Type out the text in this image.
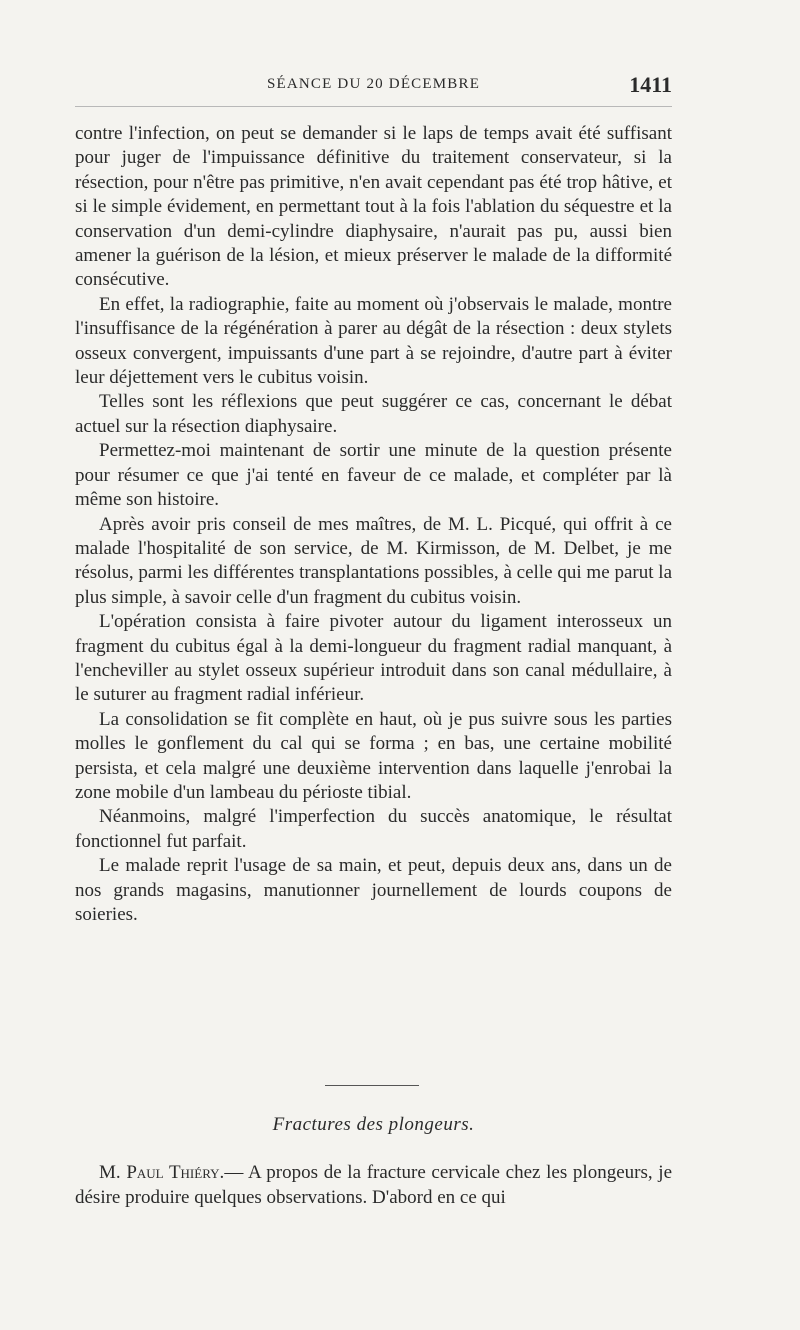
SÉANCE DU 20 DÉCEMBRE	1411

contre l'infection, on peut se demander si le laps de temps avait été suffisant pour juger de l'impuissance définitive du traitement conservateur, si la résection, pour n'être pas primitive, n'en avait cependant pas été trop hâtive, et si le simple évidement, en permettant tout à la fois l'ablation du séquestre et la conservation d'un demi-cylindre diaphysaire, n'aurait pas pu, aussi bien amener la guérison de la lésion, et mieux préserver le malade de la difformité consécutive.

En effet, la radiographie, faite au moment où j'observais le malade, montre l'insuffisance de la régénération à parer au dégât de la résection : deux stylets osseux convergent, impuissants d'une part à se rejoindre, d'autre part à éviter leur déjettement vers le cubitus voisin.

Telles sont les réflexions que peut suggérer ce cas, concernant le débat actuel sur la résection diaphysaire.

Permettez-moi maintenant de sortir une minute de la question présente pour résumer ce que j'ai tenté en faveur de ce malade, et compléter par là même son histoire.

Après avoir pris conseil de mes maîtres, de M. L. Picqué, qui offrit à ce malade l'hospitalité de son service, de M. Kirmisson, de M. Delbet, je me résolus, parmi les différentes transplantations possibles, à celle qui me parut la plus simple, à savoir celle d'un fragment du cubitus voisin.

L'opération consista à faire pivoter autour du ligament interosseux un fragment du cubitus égal à la demi-longueur du fragment radial manquant, à l'encheviller au stylet osseux supérieur introduit dans son canal médullaire, à le suturer au fragment radial inférieur.

La consolidation se fit complète en haut, où je pus suivre sous les parties molles le gonflement du cal qui se forma ; en bas, une certaine mobilité persista, et cela malgré une deuxième intervention dans laquelle j'enrobai la zone mobile d'un lambeau du périoste tibial.

Néanmoins, malgré l'imperfection du succès anatomique, le résultat fonctionnel fut parfait.

Le malade reprit l'usage de sa main, et peut, depuis deux ans, dans un de nos grands magasins, manutionner journellement de lourds coupons de soieries.

Fractures des plongeurs.

M. Paul Thiéry.— A propos de la fracture cervicale chez les plongeurs, je désire produire quelques observations. D'abord en ce qui
